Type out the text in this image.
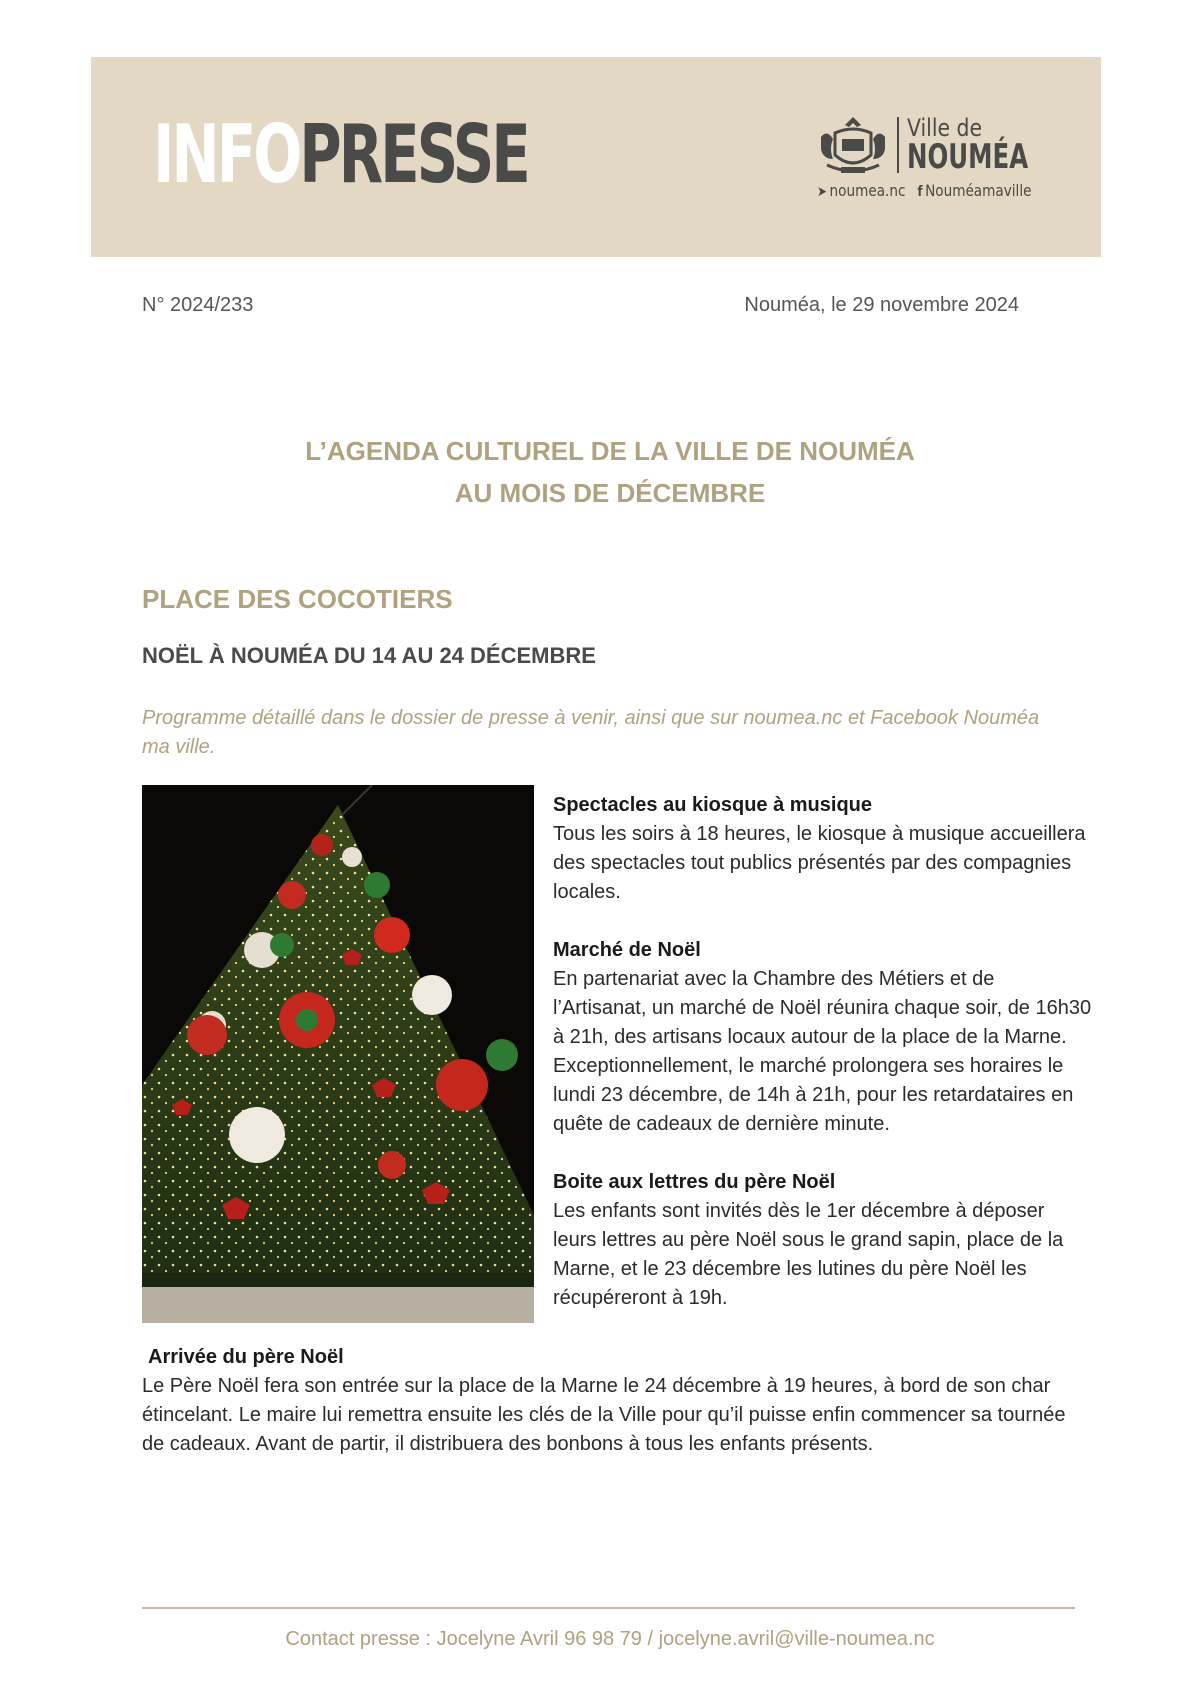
INFOPRESSE	Ville de
NOUMÉA
➤ noumea.nc f Nouméamaville
N° 2024/233	Nouméa, le 29 novembre 2024
L’AGENDA CULTUREL DE LA VILLE DE NOUMÉA
AU MOIS DE DÉCEMBRE
PLACE DES COCOTIERS
NOËL À NOUMÉA DU 14 AU 24 DÉCEMBRE
Programme détaillé dans le dossier de presse à venir, ainsi que sur noumea.nc et Facebook Nouméa ma ville.
Spectacles au kiosque à musique

Tous les soirs à 18 heures, le kiosque à musique accueillera des spectacles tout publics présentés par des compagnies locales.

Marché de Noël

En partenariat avec la Chambre des Métiers et de l’Artisanat, un marché de Noël réunira chaque soir, de 16h30 à 21h, des artisans locaux autour de la place de la Marne. Exceptionnellement, le marché prolongera ses horaires le lundi 23 décembre, de 14h à 21h, pour les retardataires en quête de cadeaux de dernière minute.

Boite aux lettres du père Noël

Les enfants sont invités dès le 1er décembre à déposer leurs lettres au père Noël sous le grand sapin, place de la Marne, et le 23 décembre les lutines du père Noël les récupéreront à 19h.

Arrivée du père Noël

Le Père Noël fera son entrée sur la place de la Marne le 24 décembre à 19 heures, à bord de son char étincelant. Le maire lui remettra ensuite les clés de la Ville pour qu’il puisse enfin commencer sa tournée de cadeaux. Avant de partir, il distribuera des bonbons à tous les enfants présents.

Contact presse : Jocelyne Avril 96 98 79 / jocelyne.avril@ville-noumea.nc
